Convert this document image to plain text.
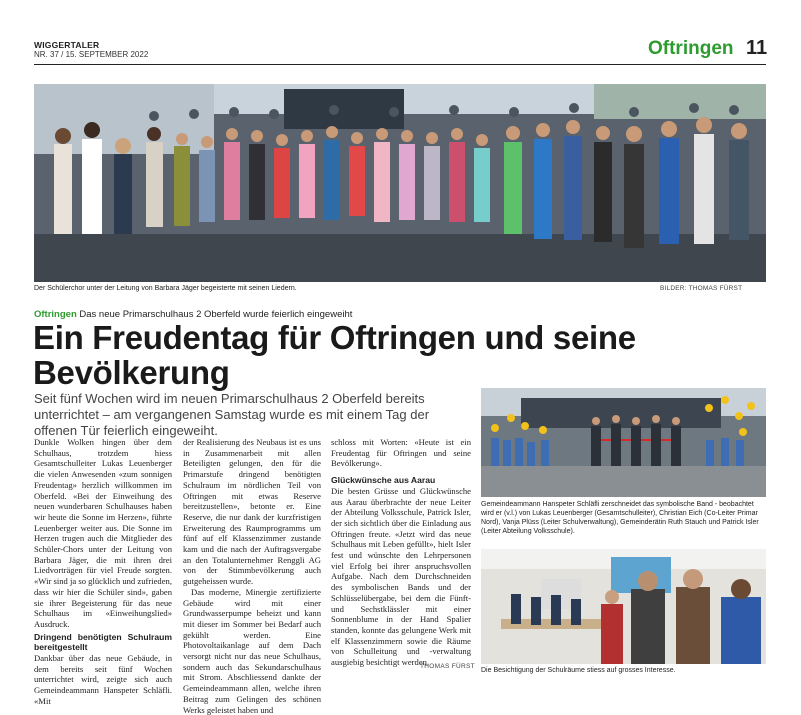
WIGGERTALER
NR. 37 / 15. SEPTEMBER 2022	Oftringen 11
Der Schülerchor unter der Leitung von Barbara Jäger begeisterte mit seinen Liedern.	BILDER: THOMAS FÜRST
Oftringen Das neue Primarschulhaus 2 Oberfeld wurde feierlich eingeweiht
Ein Freudentag für Oftringen und seine Bevölkerung
Seit fünf Wochen wird im neuen Primarschulhaus 2 Oberfeld bereits unterrichtet – am vergangenen Samstag wurde es mit einem Tag der offenen Tür feierlich eingeweiht.

Dunkle Wolken hingen über dem Schulhaus, trotzdem hiess Gesamtschulleiter Lukas Leuenberger die vielen Anwesenden «zum sonnigen Freudentag» herzlich willkommen im Oberfeld. «Bei der Einweihung des neuen wunderbaren Schulhauses haben wir heute die Sonne im Herzen», führte Leuenberger weiter aus. Die Sonne im Herzen trugen auch die Mitglieder des Schüler-Chors unter der Leitung von Barbara Jäger, die mit ihren drei Liedvorträgen für viel Freude sorgten. «Wir sind ja so glücklich und zufrieden, dass wir hier die Schüler sind», gaben sie ihrer Begeisterung für das neue Schulhaus im «Einweihungslied» Ausdruck.

Dringend benötigten Schulraum bereitgestellt

Dankbar über das neue Gebäude, in dem bereits seit fünf Wochen unterrichtet wird, zeigte sich auch Gemeindeammann Hanspeter Schläfli. «Mit

der Realisierung des Neubaus ist es uns in Zusammenarbeit mit allen Beteiligten gelungen, den für die Primarstufe dringend benötigten Schulraum im nördlichen Teil von Oftringen mit etwas Reserve bereitzustellen», betonte er. Eine Reserve, die nur dank der kurzfristigen Erweiterung des Raumprogramms um fünf auf elf Klassenzimmer zustande kam und die nach der Auftragsvergabe an den Totalunternehmer Renggli AG von der Stimmbevölkerung auch gutgeheissen wurde.

Das moderne, Minergie zertifizierte Gebäude wird mit einer Grundwasserpumpe beheizt und kann mit dieser im Sommer bei Bedarf auch gekühlt werden. Eine Photovoltaikanlage auf dem Dach versorgt nicht nur das neue Schulhaus, sondern auch das Sekundarschulhaus mit Strom. Abschliessend dankte der Gemeindeammann allen, welche ihren Beitrag zum Gelingen des schönen Werks geleistet haben und

schloss mit Worten: «Heute ist ein Freudentag für Oftringen und seine Bevölkerung».

Glückwünsche aus Aarau

Die besten Grüsse und Glückwünsche aus Aarau überbrachte der neue Leiter der Abteilung Volksschule, Patrick Isler, der sich sichtlich über die Einladung aus Oftringen freute. «Jetzt wird das neue Schulhaus mit Leben gefüllt», hielt Isler fest und wünschte den Lehrpersonen viel Erfolg bei ihrer anspruchsvollen Aufgabe. Nach dem Durchschneiden des symbolischen Bands und der Schlüsselübergabe, bei dem die Fünft- und Sechstklässler mit einer Sonnenblume in der Hand Spalier standen, konnte das gelungene Werk mit elf Klassenzimmern sowie die Räume von Schulleitung und -verwaltung ausgiebig besichtigt werden.

THOMAS FÜRST
Gemeindeammann Hanspeter Schläfli zerschneidet das symbolische Band - beobachtet wird er (v.l.) von Lukas Leuenberger (Gesamtschulleiter), Christian Eich (Co-Leiter Primar Nord), Vanja Plüss (Leiter Schulverwaltung), Gemeinderätin Ruth Stauch und Patrick Isler (Leiter Abteilung Volksschule).
Die Besichtigung der Schulräume stiess auf grosses Interesse.
